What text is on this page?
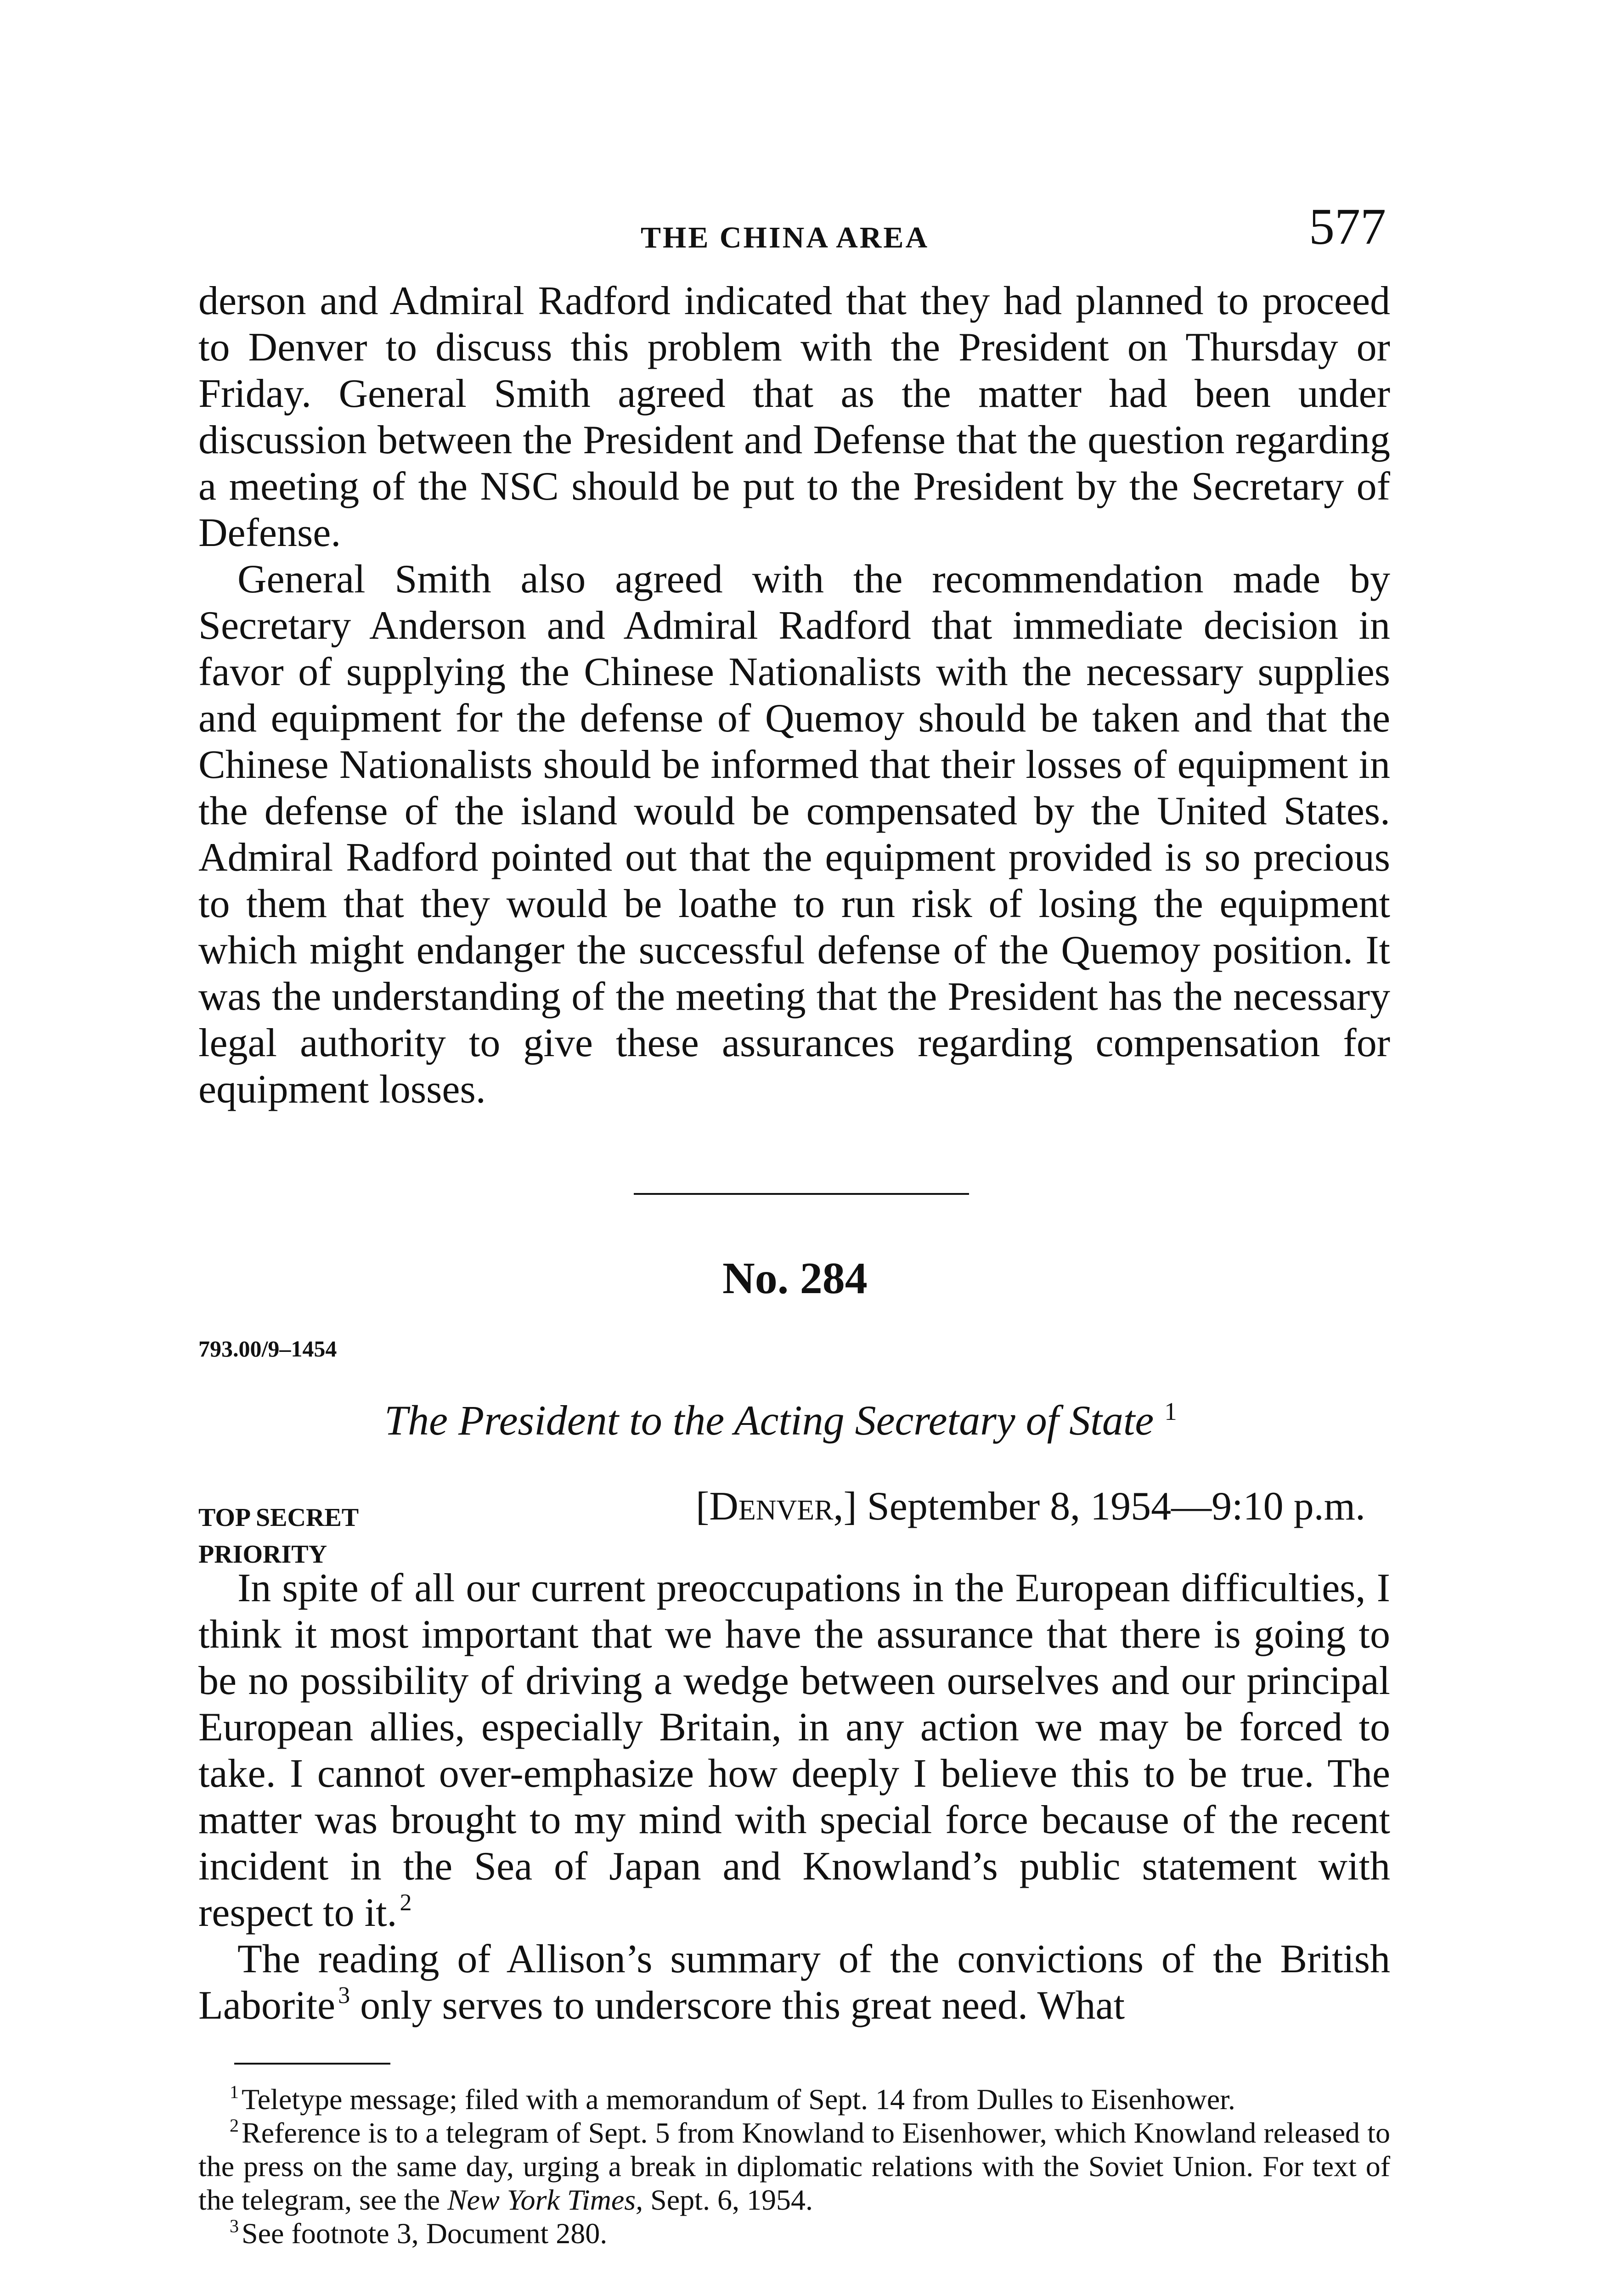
THE CHINA AREA	577

derson and Admiral Radford indicated that they had planned to proceed to Denver to discuss this problem with the President on Thursday or Friday. General Smith agreed that as the matter had been under discussion between the President and Defense that the question regarding a meeting of the NSC should be put to the President by the Secretary of Defense.

General Smith also agreed with the recommendation made by Secretary Anderson and Admiral Radford that immediate decision in favor of supplying the Chinese Nationalists with the necessary supplies and equipment for the defense of Quemoy should be taken and that the Chinese Nationalists should be informed that their losses of equipment in the defense of the island would be compensated by the United States. Admiral Radford pointed out that the equipment provided is so precious to them that they would be loathe to run risk of losing the equipment which might endanger the successful defense of the Quemoy position. It was the understanding of the meeting that the President has the necessary legal authority to give these assurances regarding compensation for equipment losses.

No. 284
793.00/9–1454
The President to the Acting Secretary of State $^1$
TOP SECRET
PRIORITY
[Denver,] September 8, 1954—9:10 p.m.

In spite of all our current preoccupations in the European difficulties, I think it most important that we have the assurance that there is going to be no possibility of driving a wedge between ourselves and our principal European allies, especially Britain, in any action we may be forced to take. I cannot over-emphasize how deeply I believe this to be true. The matter was brought to my mind with special force because of the recent incident in the Sea of Japan and Knowland’s public statement with respect to it. $^2$

The reading of Allison’s summary of the convictions of the British Laborite $^3$ only serves to underscore this great need. What

$^1$Teletype message; filed with a memorandum of Sept. 14 from Dulles to Eisenhower.

$^2$Reference is to a telegram of Sept. 5 from Knowland to Eisenhower, which Knowland released to the press on the same day, urging a break in diplomatic relations with the Soviet Union. For text of the telegram, see the New York Times, Sept. 6, 1954.

$^3$See footnote 3, Document 280.
